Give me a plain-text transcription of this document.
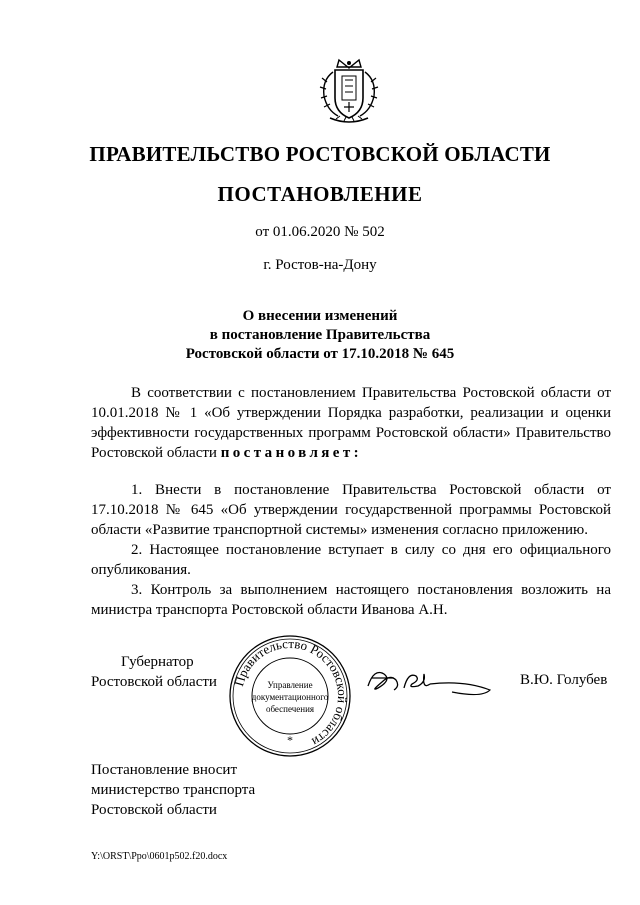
ПРАВИТЕЛЬСТВО РОСТОВСКОЙ ОБЛАСТИ
ПОСТАНОВЛЕНИЕ
от 01.06.2020 № 502
г. Ростов-на-Дону
О внесении изменений
в постановление Правительства
Ростовской области от 17.10.2018 № 645

В соответствии с постановлением Правительства Ростовской области от 10.01.2018 № 1 «Об утверждении Порядка разработки, реализации и оценки эффективности государственных программ Ростовской области» Правительство Ростовской области постановляет:

1. Внести в постановление Правительства Ростовской области от 17.10.2018 № 645 «Об утверждении государственной программы Ростовской области «Развитие транспортной системы» изменения согласно приложению.

2. Настоящее постановление вступает в силу со дня его официального опубликования.

3. Контроль за выполнением настоящего постановления возложить на министра транспорта Ростовской области Иванова А.Н.

Губернатор
Ростовской области Правительство Ростовской области
Управление
документационного
обеспечения
*
В.Ю. Голубев
Постановление вносит
министерство транспорта
Ростовской области
Y:\ORST\Ppo\0601p502.f20.docx
